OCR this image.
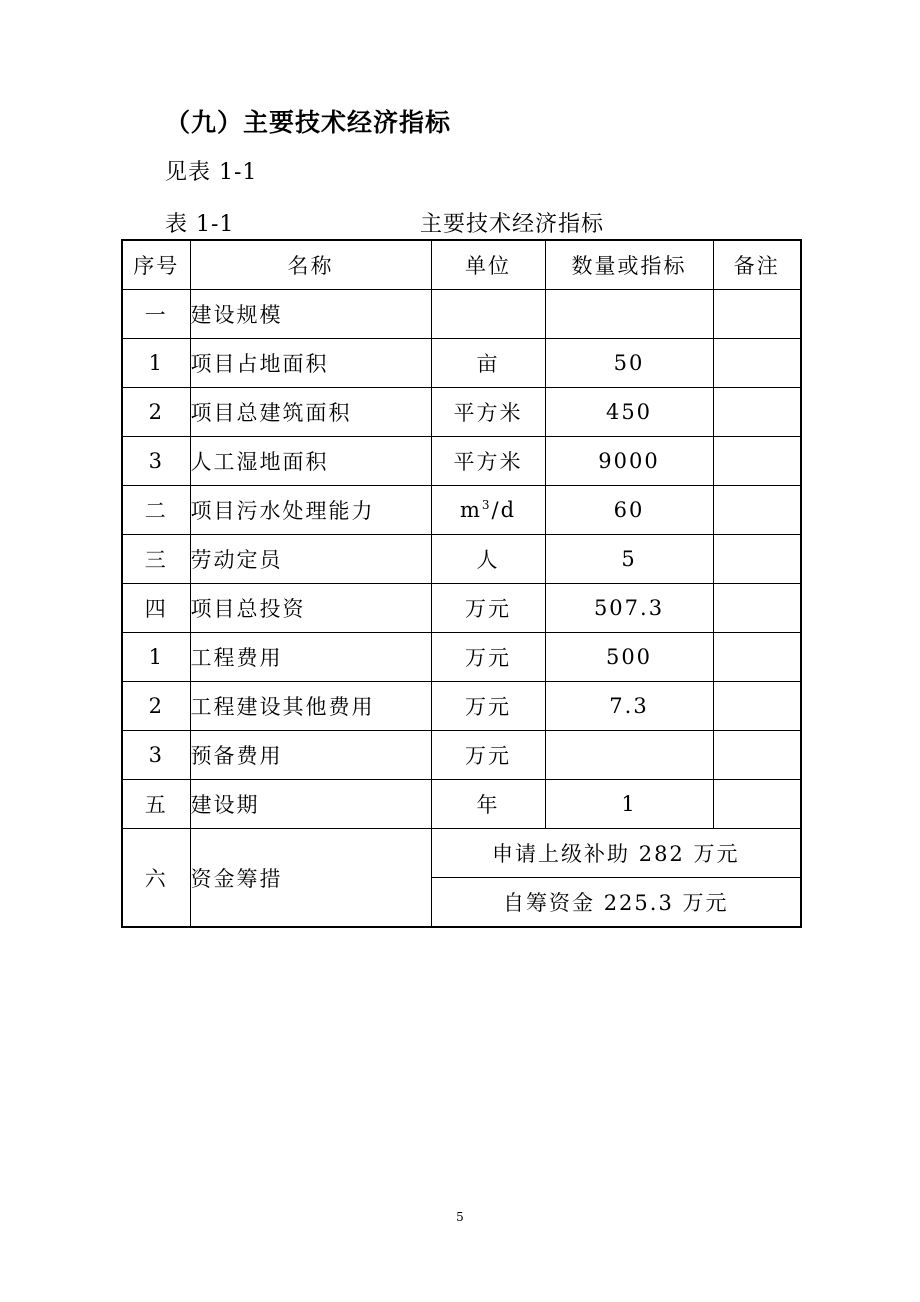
（九）主要技术经济指标
见表 1-1
表 1-1	主要技术经济指标
序号	名称	单位	数量或指标	备注
一	建设规模			
1	项目占地面积	亩	50	
2	项目总建筑面积	平方米	450	
3	人工湿地面积	平方米	9000	
二	项目污水处理能力	$m^3/d$	60	
三	劳动定员	人	5	
四	项目总投资	万元	507.3	
1	工程费用	万元	500	
2	工程建设其他费用	万元	7.3	
3	预备费用	万元		
五	建设期	年	1	
六	资金筹措	申请上级补助 282 万元		
		自筹资金 225.3 万元		
5
